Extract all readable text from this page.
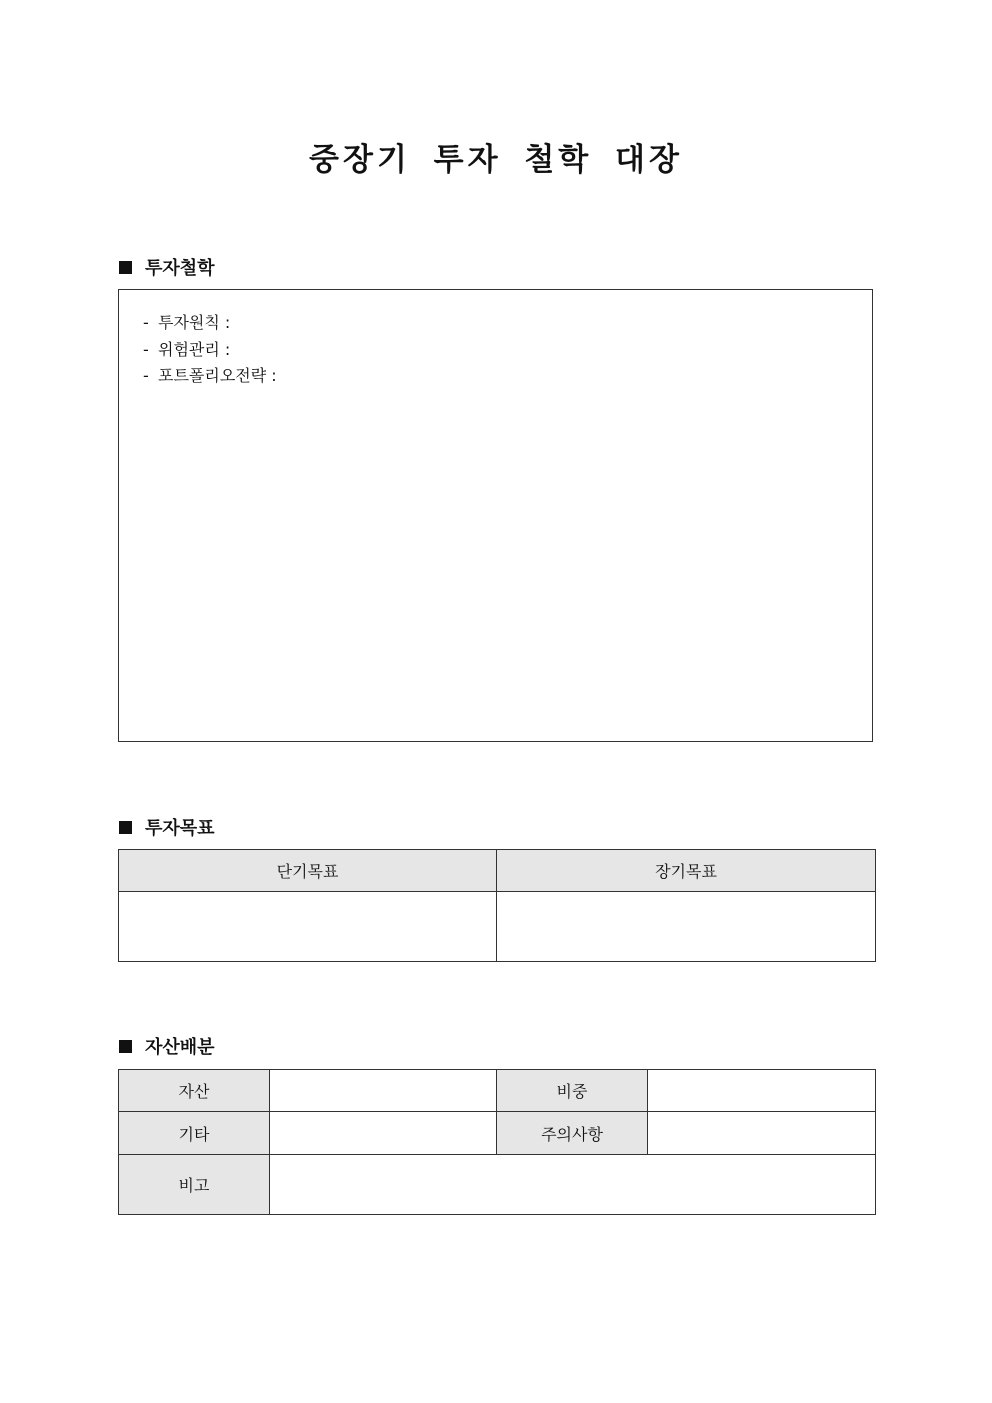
중장기 투자 철학 대장
투자철학
- 투자원칙 :
- 위험관리 :
- 포트폴리오전략 :
투자목표
단기목표	장기목표

자산배분
자산		비중	
기타		주의사항	
비고			
